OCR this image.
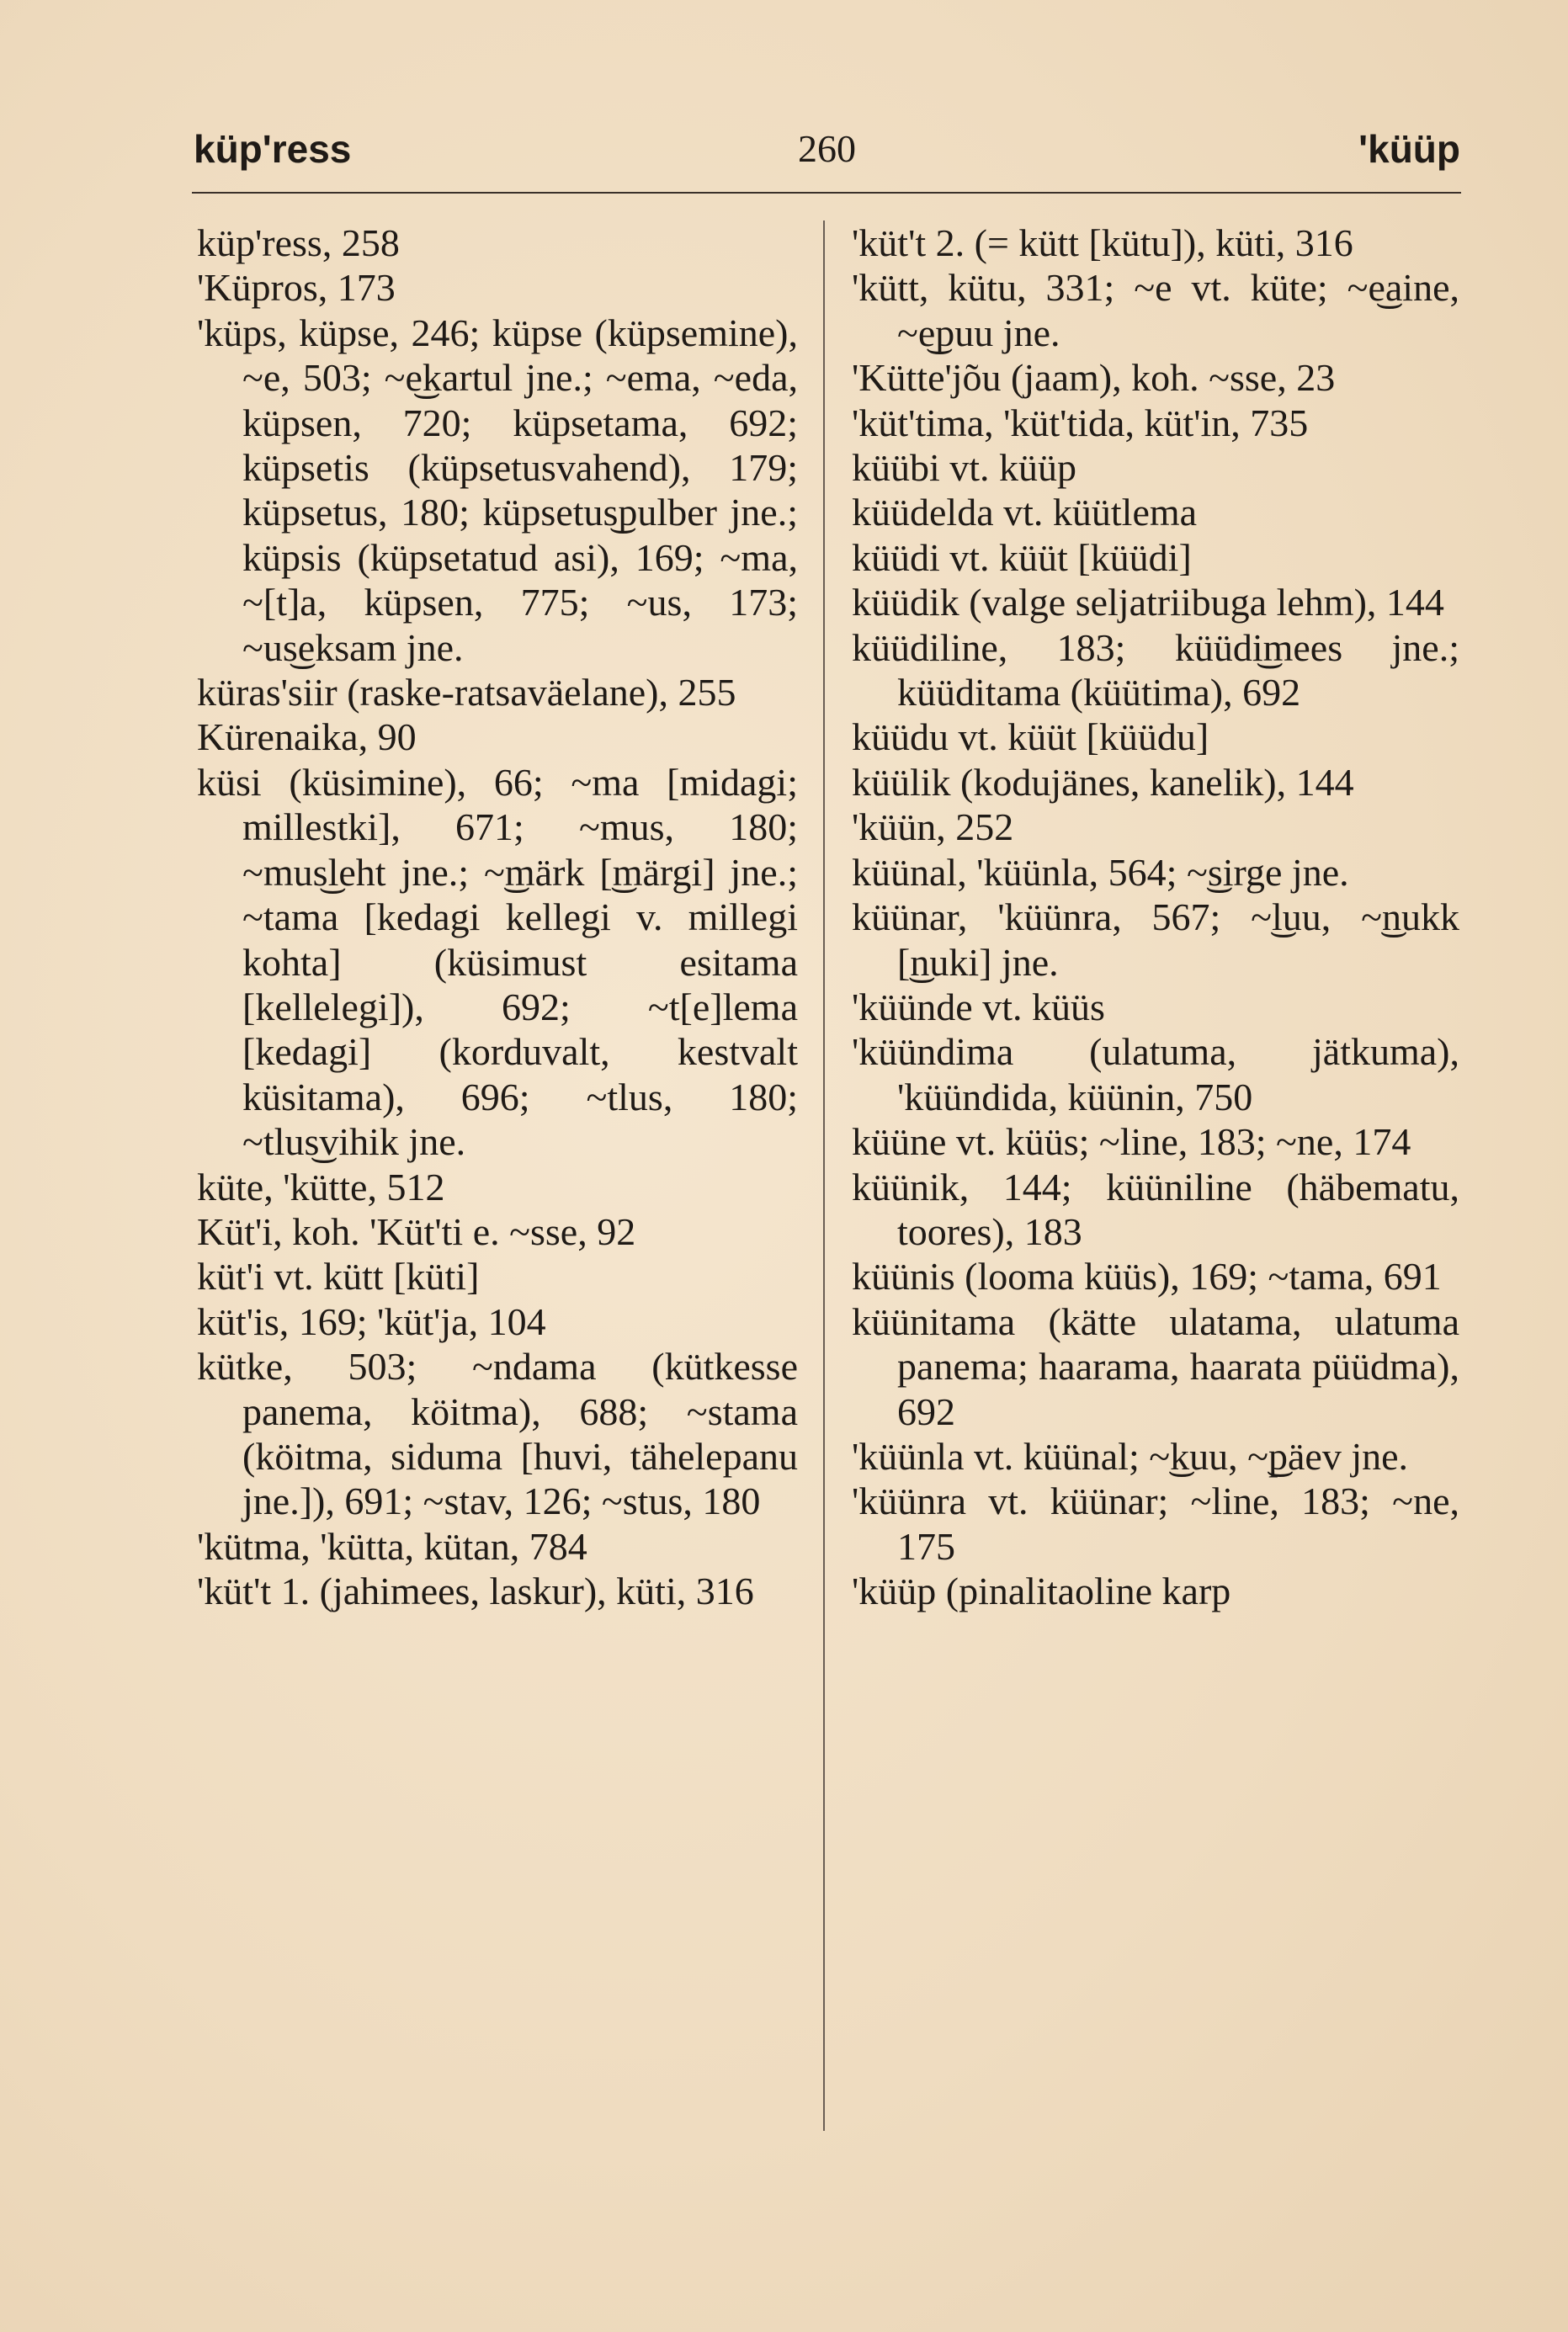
küp'ress	260	'küüp
küp'ress, 258
'Küpros, 173
'küps, küpse, 246; küpse (küpsemine), ~e, 503; ~e͜kartul jne.; ~ema, ~eda, küpsen, 720; küpsetama, 692; küpsetis (küpsetusvahend), 179; küpsetus, 180; küpsetus͜pulber jne.; küpsis (küpsetatud asi), 169; ~ma, ~[t]a, küpsen, 775; ~us, 173; ~us͜eksam jne.
küras'siir (raske-ratsaväelane), 255
Kürenaika, 90
küsi (küsimine), 66; ~ma [midagi; millestki], 671; ~mus, 180; ~mus͜leht jne.; ~͜märk [͜märgi] jne.; ~tama [kedagi kellegi v. millegi kohta] (küsimust esitama [kellelegi]), 692; ~t[e]lema [kedagi] (korduvalt, kestvalt küsitama), 696; ~tlus, 180; ~tlus͜vihik jne.
küte, 'kütte, 512
Küt'i, koh. 'Küt'ti e. ~sse, 92
küt'i vt. kütt [küti]
küt'is, 169; 'küt'ja, 104
kütke, 503; ~ndama (kütkesse panema, köitma), 688; ~stama (köitma, siduma [huvi, tähelepanu jne.]), 691; ~stav, 126; ~stus, 180
'kütma, 'kütta, kütan, 784
'küt't 1. (jahimees, laskur), küti, 316
'küt't 2. (= kütt [kütu]), küti, 316
'kütt, kütu, 331; ~e vt. küte; ~e͜aine, ~e͜puu jne.
'Kütte'jõu (jaam), koh. ~sse, 23
'küt'tima, 'küt'tida, küt'in, 735
küübi vt. küüp
küüdelda vt. küütlema
küüdi vt. küüt [küüdi]
küüdik (valge seljatriibuga lehm), 144
küüdiline, 183; küüdi͜mees jne.; küüditama (küütima), 692
küüdu vt. küüt [küüdu]
küülik (kodujänes, kanelik), 144
'küün, 252
küünal, 'küünla, 564; ~͜sirge jne.
küünar, 'küünra, 567; ~͜luu, ~͜nukk [͜nuki] jne.
'küünde vt. küüs
'küündima (ulatuma, jätkuma), 'küündida, küünin, 750
küüne vt. küüs; ~line, 183; ~ne, 174
küünik, 144; küüniline (häbematu, toores), 183
küünis (looma küüs), 169; ~tama, 691
küünitama (kätte ulatama, ulatuma panema; haarama, haarata püüdma), 692
'küünla vt. küünal; ~͜kuu, ~͜päev jne.
'küünra vt. küünar; ~line, 183; ~ne, 175
'küüp (pinalitaoline karp
